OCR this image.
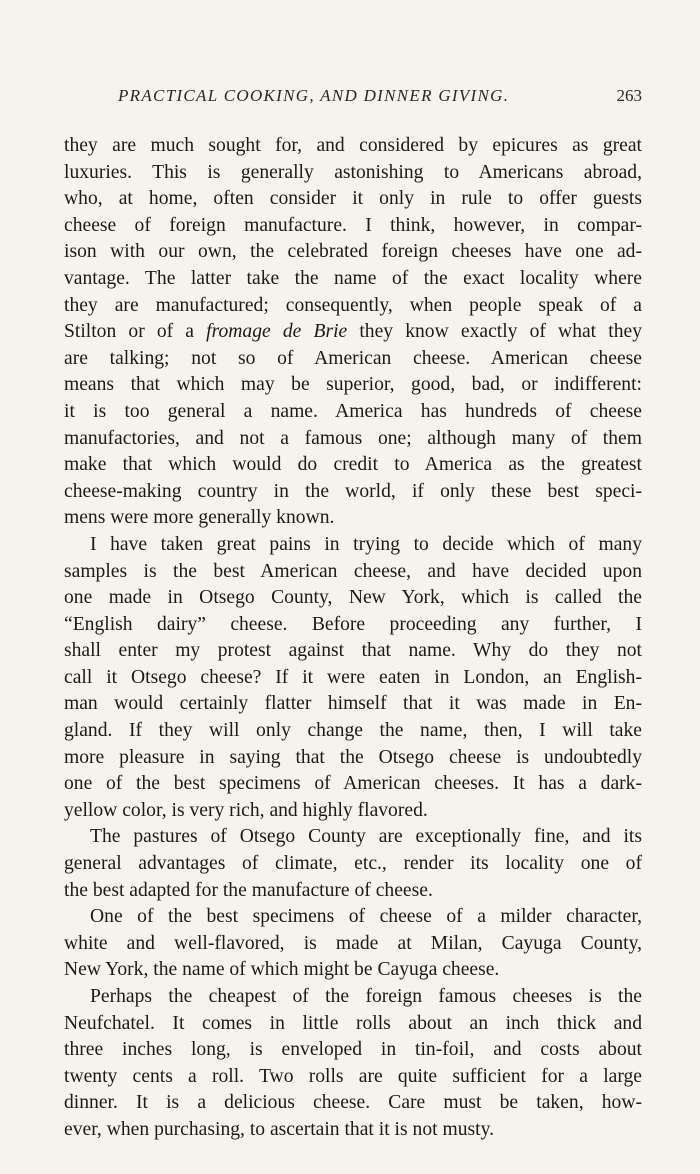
PRACTICAL COOKING, AND DINNER GIVING.	263
they are much sought for, and considered by epicures as great
luxuries. This is generally astonishing to Americans abroad,
who, at home, often consider it only in rule to offer guests
cheese of foreign manufacture. I think, however, in compar-
ison with our own, the celebrated foreign cheeses have one ad-
vantage. The latter take the name of the exact locality where
they are manufactured; consequently, when people speak of a
Stilton or of a fromage de Brie they know exactly of what they
are talking; not so of American cheese. American cheese
means that which may be superior, good, bad, or indifferent:
it is too general a name. America has hundreds of cheese
manufactories, and not a famous one; although many of them
make that which would do credit to America as the greatest
cheese-making country in the world, if only these best speci-
mens were more generally known.
I have taken great pains in trying to decide which of many
samples is the best American cheese, and have decided upon
one made in Otsego County, New York, which is called the
“English dairy” cheese. Before proceeding any further, I
shall enter my protest against that name. Why do they not
call it Otsego cheese? If it were eaten in London, an English-
man would certainly flatter himself that it was made in En-
gland. If they will only change the name, then, I will take
more pleasure in saying that the Otsego cheese is undoubtedly
one of the best specimens of American cheeses. It has a dark-
yellow color, is very rich, and highly flavored.
The pastures of Otsego County are exceptionally fine, and its
general advantages of climate, etc., render its locality one of
the best adapted for the manufacture of cheese.
One of the best specimens of cheese of a milder character,
white and well-flavored, is made at Milan, Cayuga County,
New York, the name of which might be Cayuga cheese.
Perhaps the cheapest of the foreign famous cheeses is the
Neufchatel. It comes in little rolls about an inch thick and
three inches long, is enveloped in tin-foil, and costs about
twenty cents a roll. Two rolls are quite sufficient for a large
dinner. It is a delicious cheese. Care must be taken, how-
ever, when purchasing, to ascertain that it is not musty.
